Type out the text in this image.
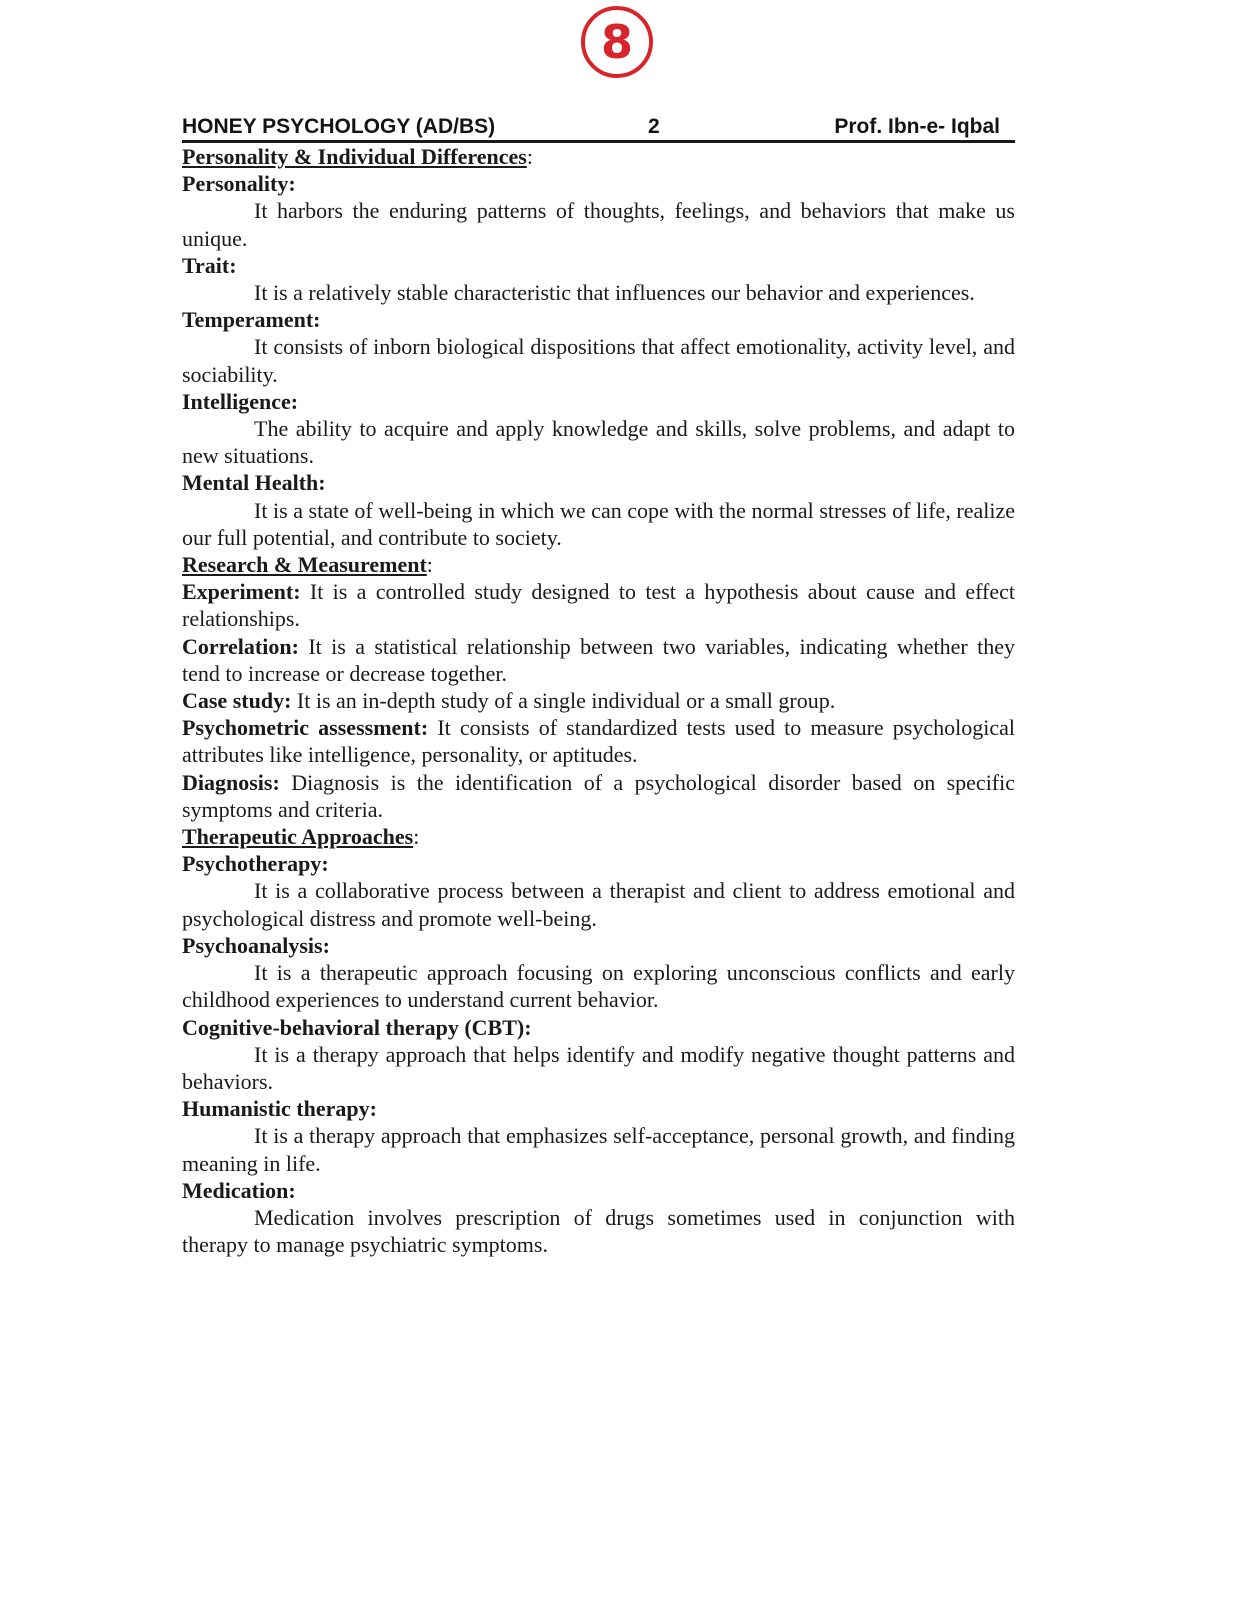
8
HONEY PSYCHOLOGY (AD/BS)	2	Prof. Ibn-e- Iqbal

Personality & Individual Differences:

Personality:

It harbors the enduring patterns of thoughts, feelings, and behaviors that make us unique.

Trait:

It is a relatively stable characteristic that influences our behavior and experiences.

Temperament:

It consists of inborn biological dispositions that affect emotionality, activity level, and sociability.

Intelligence:

The ability to acquire and apply knowledge and skills, solve problems, and adapt to new situations.

Mental Health:

It is a state of well-being in which we can cope with the normal stresses of life, realize our full potential, and contribute to society.

Research & Measurement:

Experiment: It is a controlled study designed to test a hypothesis about cause and effect relationships.

Correlation: It is a statistical relationship between two variables, indicating whether they tend to increase or decrease together.

Case study: It is an in-depth study of a single individual or a small group.

Psychometric assessment: It consists of standardized tests used to measure psychological attributes like intelligence, personality, or aptitudes.

Diagnosis: Diagnosis is the identification of a psychological disorder based on specific symptoms and criteria.

Therapeutic Approaches:

Psychotherapy:

It is a collaborative process between a therapist and client to address emotional and psychological distress and promote well-being.

Psychoanalysis:

It is a therapeutic approach focusing on exploring unconscious conflicts and early childhood experiences to understand current behavior.

Cognitive-behavioral therapy (CBT):

It is a therapy approach that helps identify and modify negative thought patterns and behaviors.

Humanistic therapy:

It is a therapy approach that emphasizes self-acceptance, personal growth, and finding meaning in life.

Medication:

Medication involves prescription of drugs sometimes used in conjunction with therapy to manage psychiatric symptoms.
